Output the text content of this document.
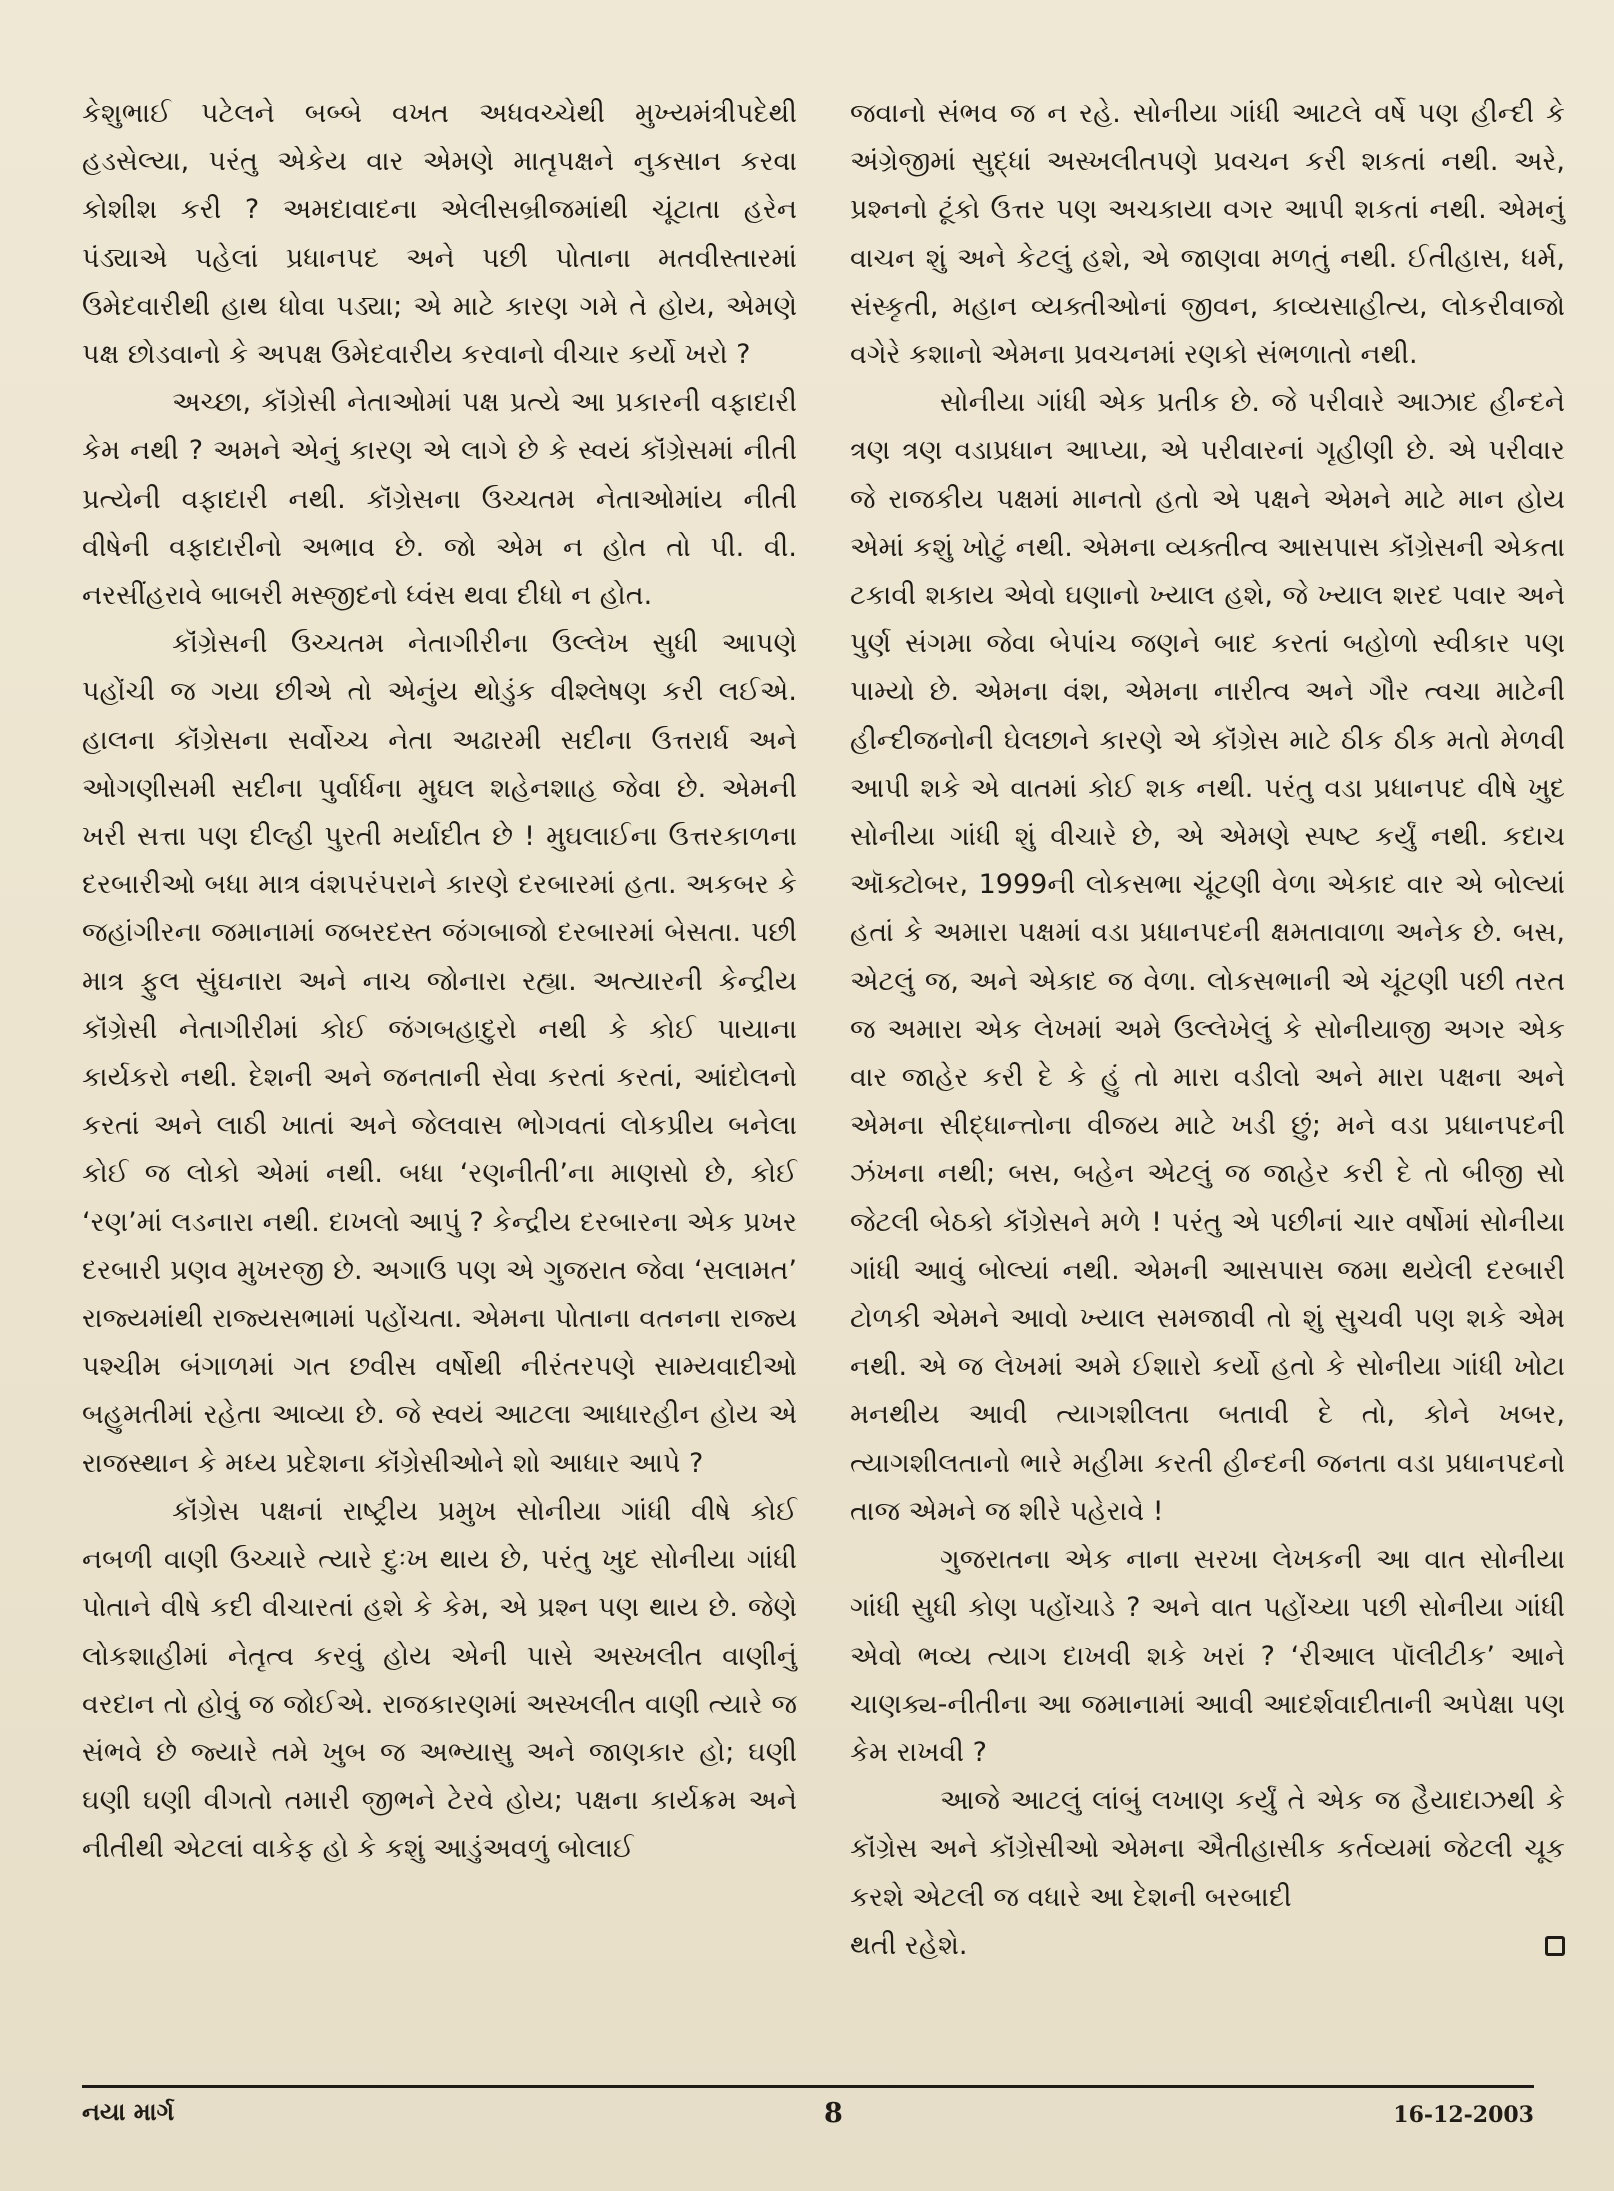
કેશુભાઈ પટેલને બબ્બે વખત અધવચ્ચેથી મુખ્યમંત્રીપદેથી હડસેલ્યા, પરંતુ એકેય વાર એમણે માતૃપક્ષને નુકસાન કરવા કોશીશ કરી ? અમદાવાદના એલીસબ્રીજમાંથી ચૂંટાતા હરેન પંડ્યાએ પહેલાં પ્રધાનપદ અને પછી પોતાના મતવીસ્તારમાં ઉમેદવારીથી હાથ ધોવા પડ્યા; એ માટે કારણ ગમે તે હોય, એમણે પક્ષ છોડવાનો કે અપક્ષ ઉમેદવારીય કરવાનો વીચાર કર્યો ખરો ?

અચ્છા, કૉંગ્રેસી નેતાઓમાં પક્ષ પ્રત્યે આ પ્રકારની વફાદારી કેમ નથી ? અમને એનું કારણ એ લાગે છે કે સ્વયં કૉંગ્રેસમાં નીતી પ્રત્યેની વફાદારી નથી. કૉંગ્રેસના ઉચ્ચતમ નેતાઓમાંય નીતી વીષેની વફાદારીનો અભાવ છે. જો એમ ન હોત તો પી. વી. નરસીંહરાવે બાબરી મસ્જીદનો ધ્વંસ થવા દીધો ન હોત.

કૉંગ્રેસની ઉચ્ચતમ નેતાગીરીના ઉલ્લેખ સુધી આપણે પહોંચી જ ગયા છીએ તો એનુંય થોડુંક વીશ્લેષણ કરી લઈએ. હાલના કૉંગ્રેસના સર્વોચ્ચ નેતા અઢારમી સદીના ઉત્તરાર્ધ અને ઓગણીસમી સદીના પુર્વાર્ધના મુઘલ શહેનશાહ જેવા છે. એમની ખરી સત્તા પણ દીલ્હી પુરતી મર્યાદીત છે ! મુઘલાઈના ઉત્તરકાળના દરબારીઓ બધા માત્ર વંશપરંપરાને કારણે દરબારમાં હતા. અકબર કે જહાંગીરના જમાનામાં જબરદસ્ત જંગબાજો દરબારમાં બેસતા. પછી માત્ર ફુલ સુંઘનારા અને નાચ જોનારા રહ્યા. અત્યારની કેન્દ્રીય કૉંગ્રેસી નેતાગીરીમાં કોઈ જંગબહાદુરો નથી કે કોઈ પાયાના કાર્યકરો નથી. દેશની અને જનતાની સેવા કરતાં કરતાં, આંદોલનો કરતાં અને લાઠી ખાતાં અને જેલવાસ ભોગવતાં લોકપ્રીય બનેલા કોઈ જ લોકો એમાં નથી. બધા ‘રણનીતી’ના માણસો છે, કોઈ ‘રણ’માં લડનારા નથી. દાખલો આપું ? કેન્દ્રીય દરબારના એક પ્રખર દરબારી પ્રણવ મુખરજી છે. અગાઉ પણ એ ગુજરાત જેવા ‘સલામત’ રાજ્યમાંથી રાજ્યસભામાં પહોંચતા. એમના પોતાના વતનના રાજ્ય પશ્ચીમ બંગાળમાં ગત છવીસ વર્ષોથી નીરંતરપણે સામ્યવાદીઓ બહુમતીમાં રહેતા આવ્યા છે. જે સ્વયં આટલા આધારહીન હોય એ રાજસ્થાન કે મધ્ય પ્રદેશના કૉંગ્રેસીઓને શો આધાર આપે ?

કૉંગ્રેસ પક્ષનાં રાષ્ટ્રીય પ્રમુખ સોનીયા ગાંધી વીષે કોઈ નબળી વાણી ઉચ્ચારે ત્યારે દુઃખ થાય છે, પરંતુ ખુદ સોનીયા ગાંધી પોતાને વીષે કદી વીચારતાં હશે કે કેમ, એ પ્રશ્ન પણ થાય છે. જેણે લોકશાહીમાં નેતૃત્વ કરવું હોય એની પાસે અસ્ખલીત વાણીનું વરદાન તો હોવું જ જોઈએ. રાજકારણમાં અસ્ખલીત વાણી ત્યારે જ સંભવે છે જ્યારે તમે ખુબ જ અભ્યાસુ અને જાણકાર હો; ઘણી ઘણી ઘણી વીગતો તમારી જીભને ટેરવે હોય; પક્ષના કાર્યક્રમ અને નીતીથી એટલાં વાકેફ હો કે કશું આડુંઅવળું બોલાઈ

જવાનો સંભવ જ ન રહે. સોનીયા ગાંધી આટલે વર્ષે પણ હીન્દી કે અંગ્રેજીમાં સુદ્ધાં અસ્ખલીતપણે પ્રવચન કરી શકતાં નથી. અરે, પ્રશ્નનો ટૂંકો ઉત્તર પણ અચકાયા વગર આપી શકતાં નથી. એમનું વાચન શું અને કેટલું હશે, એ જાણવા મળતું નથી. ઈતીહાસ, ધર્મ, સંસ્કૃતી, મહાન વ્યક્તીઓનાં જીવન, કાવ્યસાહીત્ય, લોકરીવાજો વગેરે કશાનો એમના પ્રવચનમાં રણકો સંભળાતો નથી.

સોનીયા ગાંધી એક પ્રતીક છે. જે પરીવારે આઝાદ હીન્દને ત્રણ ત્રણ વડાપ્રધાન આપ્યા, એ પરીવારનાં ગૃહીણી છે. એ પરીવાર જે રાજકીય પક્ષમાં માનતો હતો એ પક્ષને એમને માટે માન હોય એમાં કશું ખોટું નથી. એમના વ્યક્તીત્વ આસપાસ કૉંગ્રેસની એકતા ટકાવી શકાય એવો ઘણાનો ખ્યાલ હશે, જે ખ્યાલ શરદ પવાર અને પુર્ણ સંગમા જેવા બેપાંચ જણને બાદ કરતાં બહોળો સ્વીકાર પણ પામ્યો છે. એમના વંશ, એમના નારીત્વ અને ગૌર ત્વચા માટેની હીન્દીજનોની ઘેલછાને કારણે એ કૉંગ્રેસ માટે ઠીક ઠીક મતો મેળવી આપી શકે એ વાતમાં કોઈ શક નથી. પરંતુ વડા પ્રધાનપદ વીષે ખુદ સોનીયા ગાંધી શું વીચારે છે, એ એમણે સ્પષ્ટ કર્યું નથી. કદાચ ઑક્ટોબર, 1999ની લોકસભા ચૂંટણી વેળા એકાદ વાર એ બોલ્યાં હતાં કે અમારા પક્ષમાં વડા પ્રધાનપદની ક્ષમતાવાળા અનેક છે. બસ, એટલું જ, અને એકાદ જ વેળા. લોકસભાની એ ચૂંટણી પછી તરત જ અમારા એક લેખમાં અમે ઉલ્લેખેલું કે સોનીયાજી અગર એક વાર જાહેર કરી દે કે હું તો મારા વડીલો અને મારા પક્ષના અને એમના સીદ્ધાન્તોના વીજય માટે ખડી છું; મને વડા પ્રધાનપદની ઝંખના નથી; બસ, બહેન એટલું જ જાહેર કરી દે તો બીજી સો જેટલી બેઠકો કૉંગ્રેસને મળે ! પરંતુ એ પછીનાં ચાર વર્ષોમાં સોનીયા ગાંધી આવું બોલ્યાં નથી. એમની આસપાસ જમા થયેલી દરબારી ટોળકી એમને આવો ખ્યાલ સમજાવી તો શું સુચવી પણ શકે એમ નથી. એ જ લેખમાં અમે ઈશારો કર્યો હતો કે સોનીયા ગાંધી ખોટા મનથીય આવી ત્યાગશીલતા બતાવી દે તો, કોને ખબર, ત્યાગશીલતાનો ભારે મહીમા કરતી હીન્દની જનતા વડા પ્રધાનપદનો તાજ એમને જ શીરે પહેરાવે !

ગુજરાતના એક નાના સરખા લેખકની આ વાત સોનીયા ગાંધી સુધી કોણ પહોંચાડે ? અને વાત પહોંચ્યા પછી સોનીયા ગાંધી એવો ભવ્ય ત્યાગ દાખવી શકે ખરાં ? ‘રીઆલ પૉલીટીક’ આને ચાણક્ય-નીતીના આ જમાનામાં આવી આદર્શવાદીતાની અપેક્ષા પણ કેમ રાખવી ?

આજે આટલું લાંબું લખાણ કર્યું તે એક જ હૈયાદાઝથી કે કૉંગ્રેસ અને કૉંગ્રેસીઓ એમના ઐતીહાસીક કર્તવ્યમાં જેટલી ચૂક કરશે એટલી જ વધારે આ દેશની બરબાદી

થતી રહેશે.
નયા માર્ગ	8	16-12-2003
